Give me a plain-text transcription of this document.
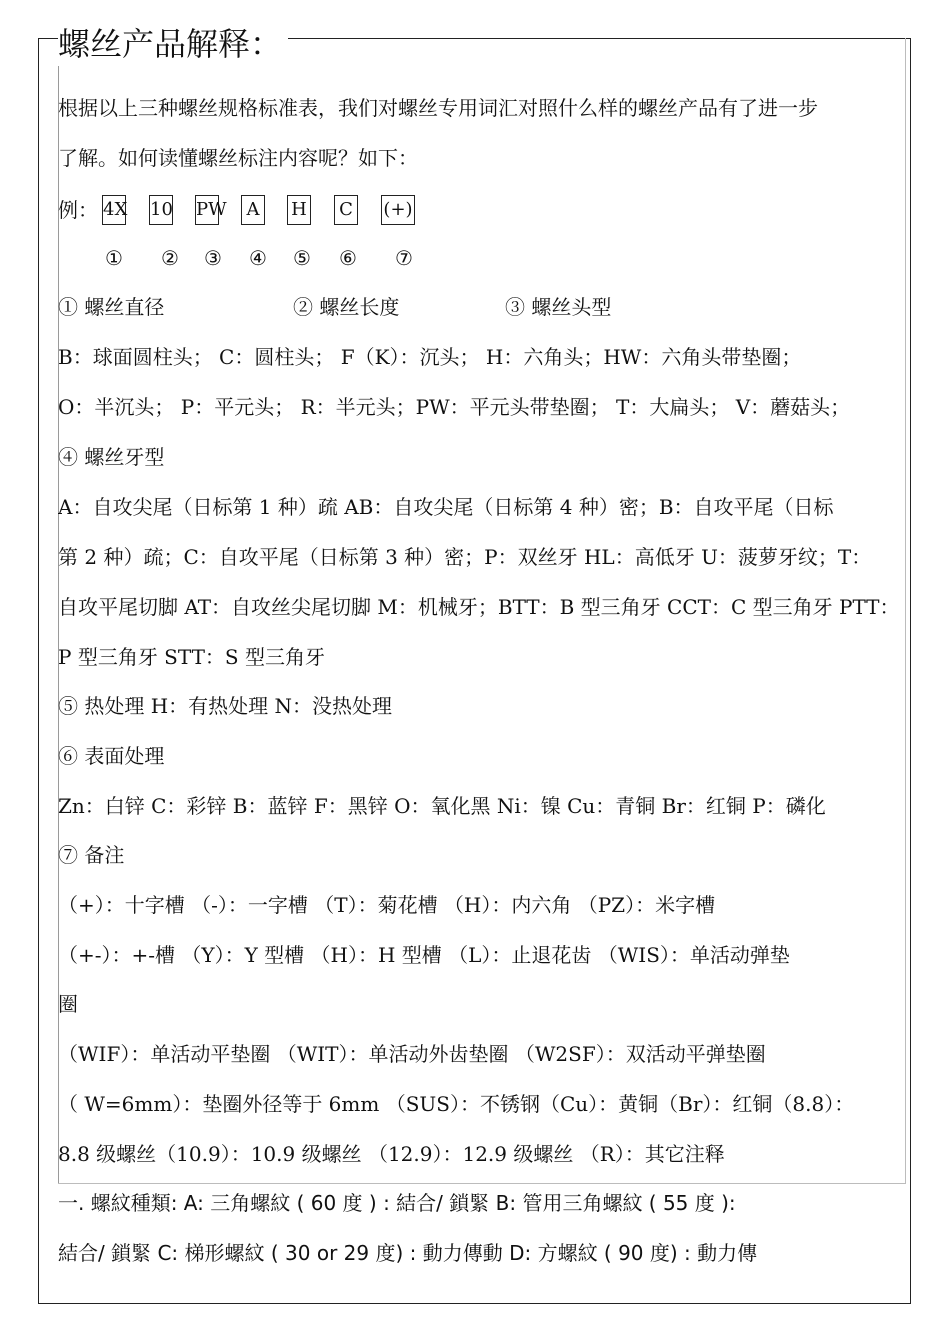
螺丝产品解释：
根据以上三种螺丝规格标准表，我们对螺丝专用词汇对照什么样的螺丝产品有了进一步
了解。如何读懂螺丝标注内容呢？如下：
例： 4X 10 PW	A	H C (+)
① ② ③ ④ ⑤ ⑥ ⑦
① 螺丝直径	② 螺丝长度	③ 螺丝头型
B：球面圆柱头； C：圆柱头； F（K）：沉头； H：六角头；HW：六角头带垫圈；
O：半沉头； P：平元头； R：半元头；PW：平元头带垫圈； T：大扁头； V：蘑菇头；
④ 螺丝牙型
A：自攻尖尾（日标第 1 种）疏 AB：自攻尖尾（日标第 4 种）密；B：自攻平尾（日标
第 2 种）疏；C：自攻平尾（日标第 3 种）密；P：双丝牙 HL：高低牙 U：菠萝牙纹；T：
自攻平尾切脚 AT：自攻丝尖尾切脚 M：机械牙；BTT：B 型三角牙 CCT：C 型三角牙 PTT：
P 型三角牙 STT：S 型三角牙
⑤ 热处理 H：有热处理 N：没热处理
⑥ 表面处理
Zn：白锌 C：彩锌 B：蓝锌 F：黑锌 O：氧化黑 Ni：镍 Cu：青铜 Br：红铜 P：磷化
⑦ 备注
（+）：十字槽 （-）：一字槽 （T）：菊花槽 （H）：内六角 （PZ）：米字槽
（+-）：+-槽 （Y）：Y 型槽 （H）：H 型槽 （L）：止退花齿 （WIS）：单活动弹垫
圈
（WIF）：单活动平垫圈 （WIT）：单活动外齿垫圈 （W2SF）：双活动平弹垫圈
（ W=6mm）：垫圈外径等于 6mm （SUS）：不锈钢（Cu）：黄铜（Br）：红铜（8.8）：
8.8 级螺丝（10.9）：10.9 级螺丝 （12.9）：12.9 级螺丝 （R）：其它注释
一. 螺紋種類: A: 三角螺紋 ( 60 度 ) : 結合/ 鎖緊 B: 管用三角螺紋 ( 55 度 ):
結合/ 鎖緊 C: 梯形螺紋 ( 30 or 29 度) : 動力傳動 D: 方螺紋 ( 90 度) : 動力傳
